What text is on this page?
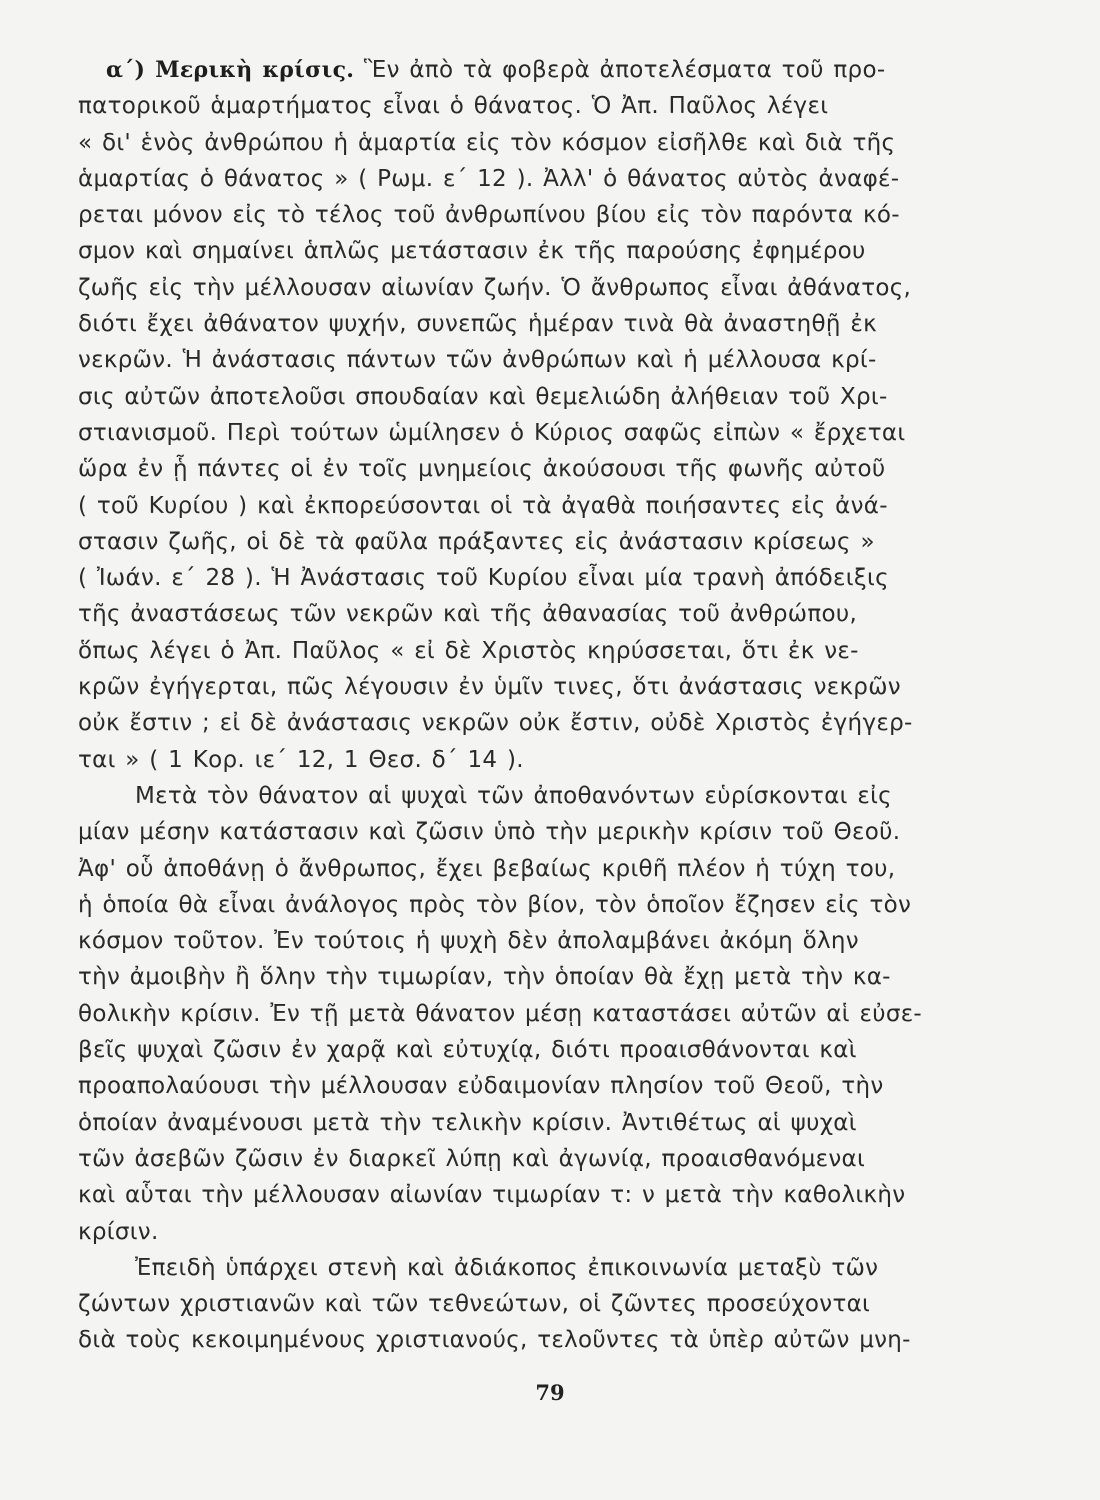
α΄) Μερικὴ κρίσις. Ἓν ἀπὸ τὰ φοβερὰ ἀποτελέσματα τοῦ προ-
πατορικοῦ ἁμαρτήματος εἶναι ὁ θάνατος. Ὁ Ἀπ. Παῦλος λέγει
« δι' ἑνὸς ἀνθρώπου ἡ ἁμαρτία εἰς τὸν κόσμον εἰσῆλθε καὶ διὰ τῆς
ἁμαρτίας ὁ θάνατος » ( Ρωμ. ε΄ 12 ). Ἀλλ' ὁ θάνατος αὐτὸς ἀναφέ-
ρεται μόνον εἰς τὸ τέλος τοῦ ἀνθρωπίνου βίου εἰς τὸν παρόντα κό-
σμον καὶ σημαίνει ἁπλῶς μετάστασιν ἐκ τῆς παρούσης ἐφημέρου
ζωῆς εἰς τὴν μέλλουσαν αἰωνίαν ζωήν. Ὁ ἄνθρωπος εἶναι ἀθάνατος,
διότι ἔχει ἀθάνατον ψυχήν, συνεπῶς ἡμέραν τινὰ θὰ ἀναστηθῇ ἐκ
νεκρῶν. Ἡ ἀνάστασις πάντων τῶν ἀνθρώπων καὶ ἡ μέλλουσα κρί-
σις αὐτῶν ἀποτελοῦσι σπουδαίαν καὶ θεμελιώδη ἀλήθειαν τοῦ Χρι-
στιανισμοῦ. Περὶ τούτων ὡμίλησεν ὁ Κύριος σαφῶς εἰπὼν « ἔρχεται
ὥρα ἐν ᾗ πάντες οἱ ἐν τοῖς μνημείοις ἀκούσουσι τῆς φωνῆς αὐτοῦ
( τοῦ Κυρίου ) καὶ ἐκπορεύσονται οἱ τὰ ἀγαθὰ ποιήσαντες εἰς ἀνά-
στασιν ζωῆς, οἱ δὲ τὰ φαῦλα πράξαντες εἰς ἀνάστασιν κρίσεως »
( Ἰωάν. ε΄ 28 ). Ἡ Ἀνάστασις τοῦ Κυρίου εἶναι μία τρανὴ ἀπόδειξις
τῆς ἀναστάσεως τῶν νεκρῶν καὶ τῆς ἀθανασίας τοῦ ἀνθρώπου,
ὅπως λέγει ὁ Ἀπ. Παῦλος « εἰ δὲ Χριστὸς κηρύσσεται, ὅτι ἐκ νε-
κρῶν ἐγήγερται, πῶς λέγουσιν ἐν ὑμῖν τινες, ὅτι ἀνάστασις νεκρῶν
οὐκ ἔστιν ; εἰ δὲ ἀνάστασις νεκρῶν οὐκ ἔστιν, οὐδὲ Χριστὸς ἐγήγερ-
ται » ( 1 Κορ. ιε΄ 12, 1 Θεσ. δ΄ 14 ).
Μετὰ τὸν θάνατον αἱ ψυχαὶ τῶν ἀποθανόντων εὑρίσκονται εἰς
μίαν μέσην κατάστασιν καὶ ζῶσιν ὑπὸ τὴν μερικὴν κρίσιν τοῦ Θεοῦ.
Ἀφ' οὗ ἀποθάνῃ ὁ ἄνθρωπος, ἔχει βεβαίως κριθῆ πλέον ἡ τύχη του,
ἡ ὁποία θὰ εἶναι ἀνάλογος πρὸς τὸν βίον, τὸν ὁποῖον ἔζησεν εἰς τὸν
κόσμον τοῦτον. Ἐν τούτοις ἡ ψυχὴ δὲν ἀπολαμβάνει ἀκόμη ὅλην
τὴν ἀμοιβὴν ἢ ὅλην τὴν τιμωρίαν, τὴν ὁποίαν θὰ ἔχῃ μετὰ τὴν κα-
θολικὴν κρίσιν. Ἐν τῇ μετὰ θάνατον μέσῃ καταστάσει αὐτῶν αἱ εὐσε-
βεῖς ψυχαὶ ζῶσιν ἐν χαρᾷ καὶ εὐτυχίᾳ, διότι προαισθάνονται καὶ
προαπολαύουσι τὴν μέλλουσαν εὐδαιμονίαν πλησίον τοῦ Θεοῦ, τὴν
ὁποίαν ἀναμένουσι μετὰ τὴν τελικὴν κρίσιν. Ἀντιθέτως αἱ ψυχαὶ
τῶν ἀσεβῶν ζῶσιν ἐν διαρκεῖ λύπῃ καὶ ἀγωνίᾳ, προαισθανόμεναι
καὶ αὗται τὴν μέλλουσαν αἰωνίαν τιμωρίαν τ: ν μετὰ τὴν καθολικὴν
κρίσιν.
Ἐπειδὴ ὑπάρχει στενὴ καὶ ἀδιάκοπος ἐπικοινωνία μεταξὺ τῶν
ζώντων χριστιανῶν καὶ τῶν τεθνεώτων, οἱ ζῶντες προσεύχονται
διὰ τοὺς κεκοιμημένους χριστιανούς, τελοῦντες τὰ ὑπὲρ αὐτῶν μνη-
79
